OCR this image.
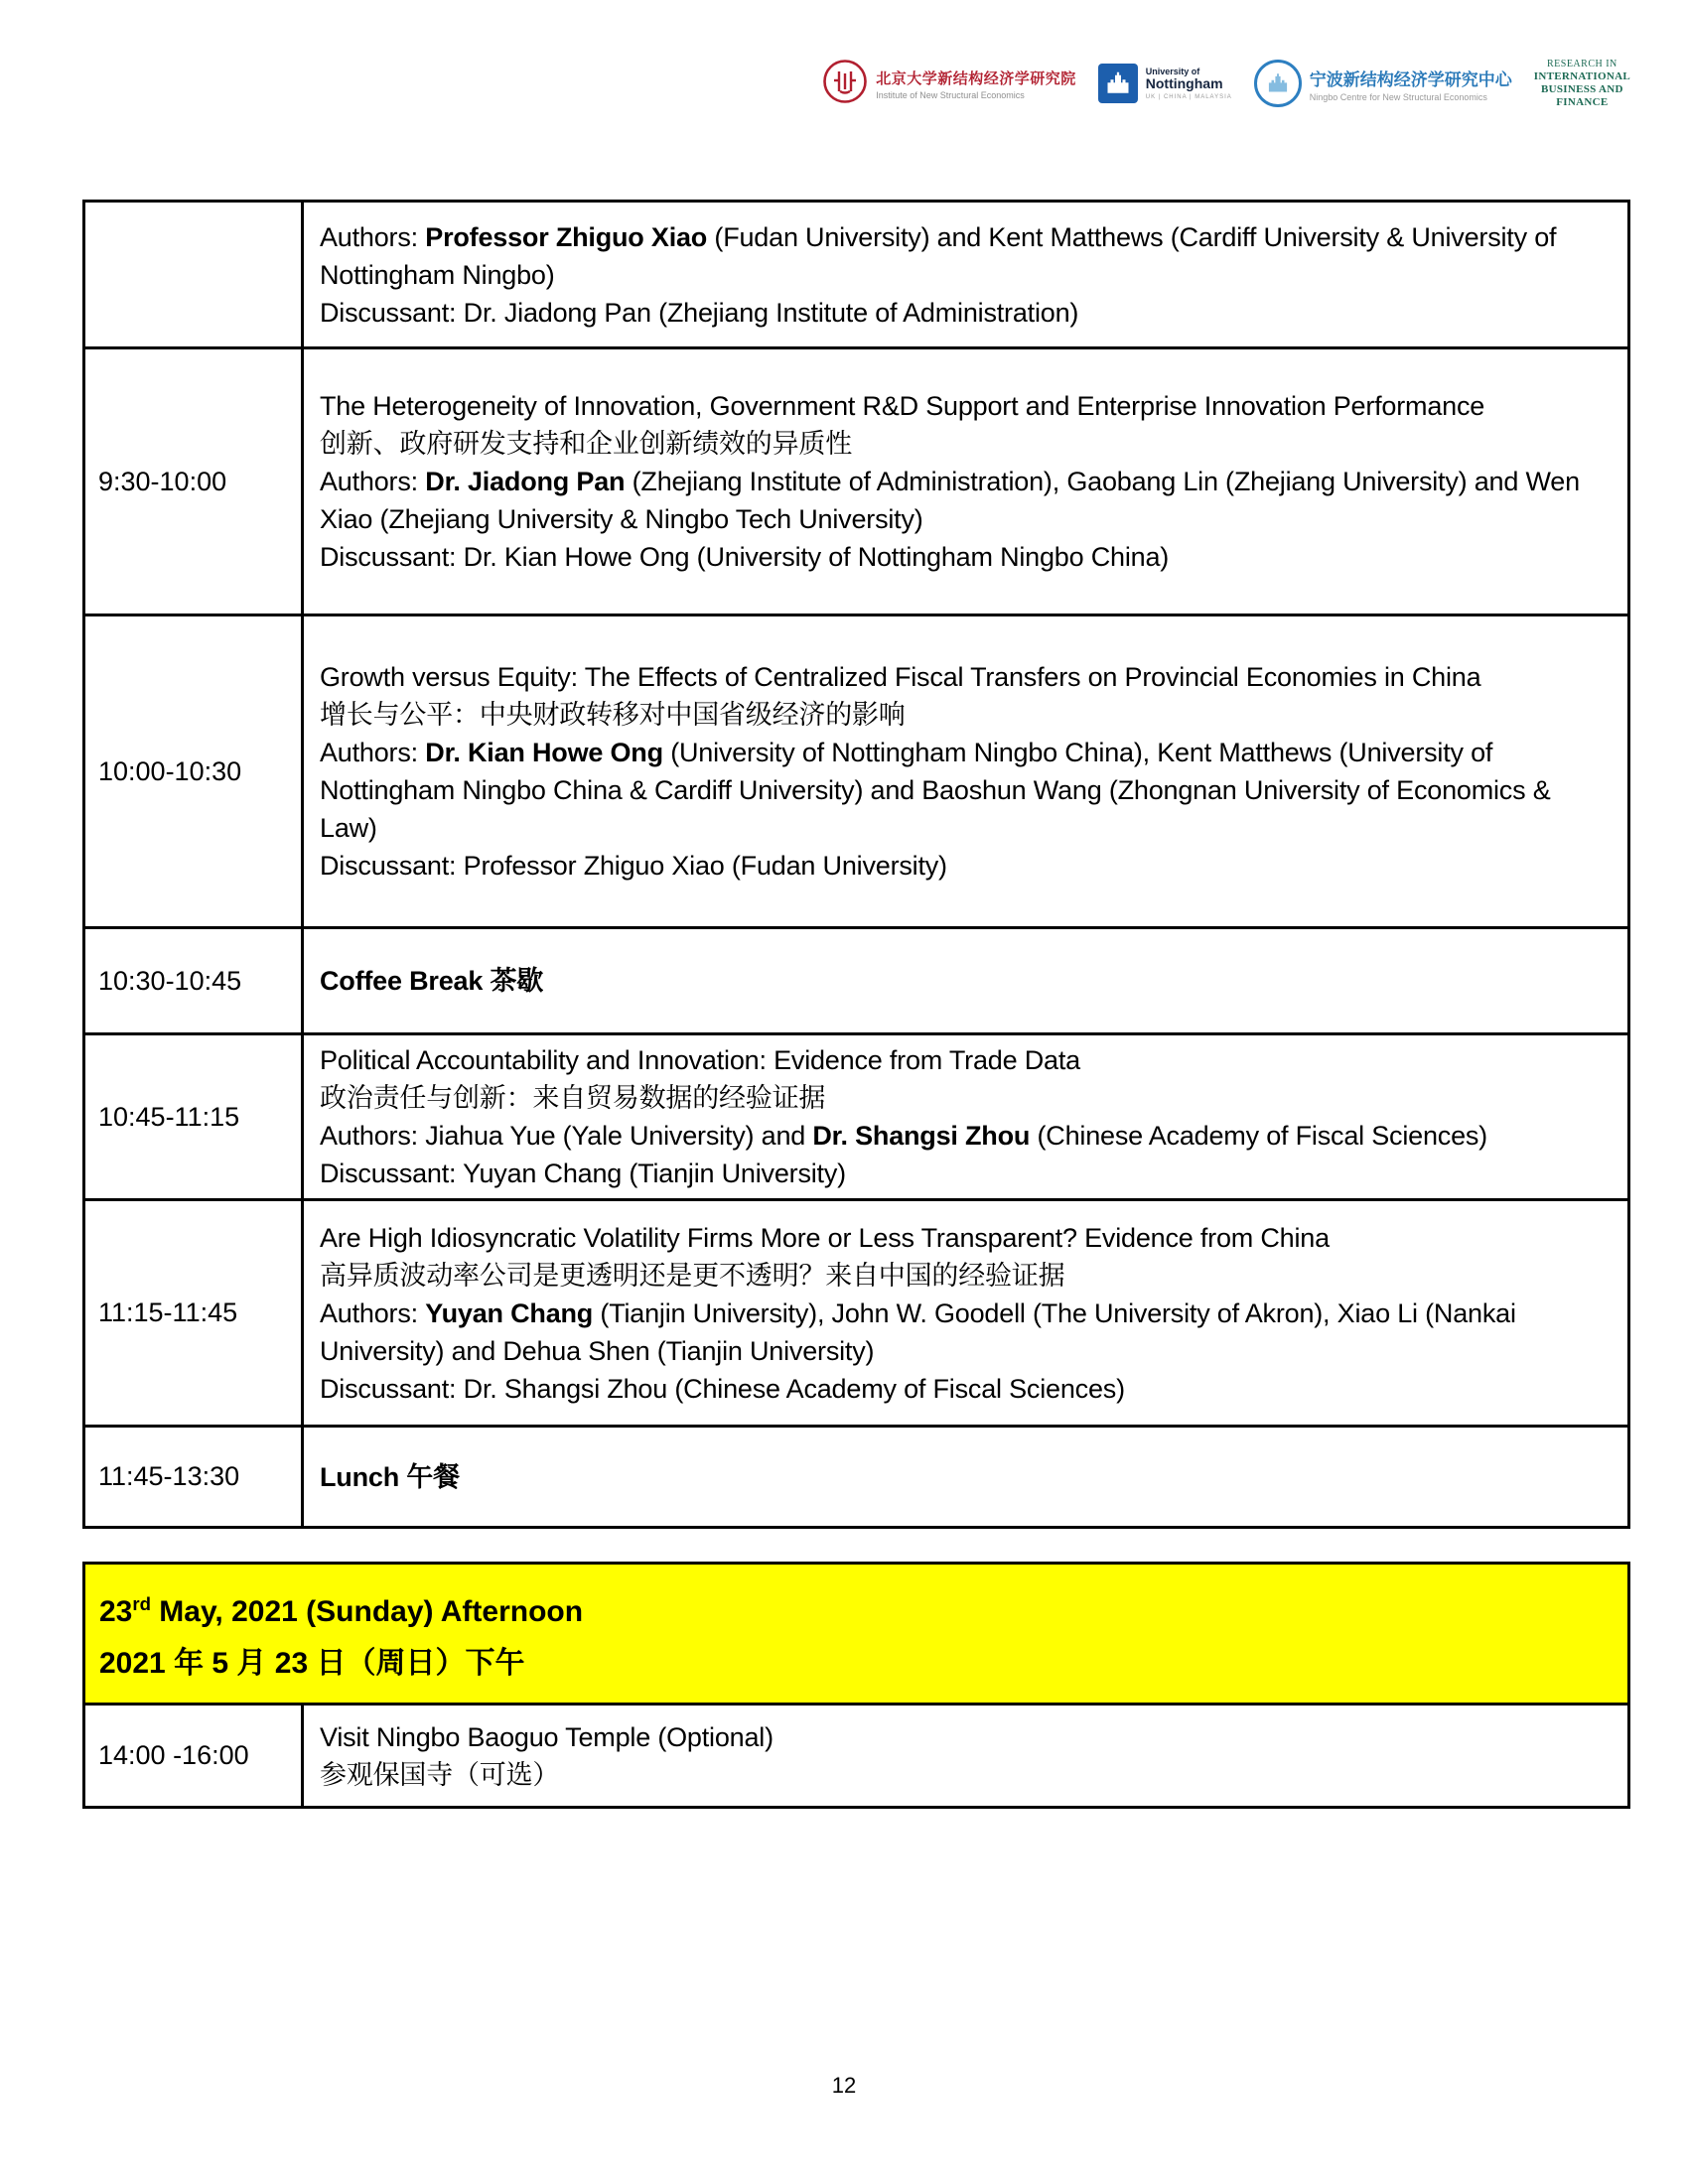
北京大学新结构经济学研究院
Institute of New Structural Economics
University of
Nottingham
UK | CHINA | MALAYSIA
宁波新结构经济学研究中心
Ningbo Centre for New Structural Economics
RESEARCH IN
INTERNATIONAL
BUSINESS AND
FINANCE
Authors: Professor Zhiguo Xiao (Fudan University) and Kent Matthews (Cardiff University & University of Nottingham Ningbo)
Discussant: Dr. Jiadong Pan (Zhejiang Institute of Administration)
9:30-10:00
The Heterogeneity of Innovation, Government R&D Support and Enterprise Innovation Performance
创新、政府研发支持和企业创新绩效的异质性
Authors: Dr. Jiadong Pan (Zhejiang Institute of Administration), Gaobang Lin (Zhejiang University) and Wen Xiao (Zhejiang University & Ningbo Tech University)
Discussant: Dr. Kian Howe Ong (University of Nottingham Ningbo China)
10:00-10:30
Growth versus Equity: The Effects of Centralized Fiscal Transfers on Provincial Economies in China
增长与公平：中央财政转移对中国省级经济的影响
Authors: Dr. Kian Howe Ong (University of Nottingham Ningbo China), Kent Matthews (University of Nottingham Ningbo China & Cardiff University) and Baoshun Wang (Zhongnan University of Economics & Law)
Discussant: Professor Zhiguo Xiao (Fudan University)
10:30-10:45	Coffee Break 茶歇
10:45-11:15
Political Accountability and Innovation: Evidence from Trade Data
政治责任与创新：来自贸易数据的经验证据
Authors: Jiahua Yue (Yale University) and Dr. Shangsi Zhou (Chinese Academy of Fiscal Sciences)
Discussant: Yuyan Chang (Tianjin University)
11:15-11:45
Are High Idiosyncratic Volatility Firms More or Less Transparent? Evidence from China
高异质波动率公司是更透明还是更不透明？来自中国的经验证据
Authors: Yuyan Chang (Tianjin University), John W. Goodell (The University of Akron), Xiao Li (Nankai University) and Dehua Shen (Tianjin University)
Discussant: Dr. Shangsi Zhou (Chinese Academy of Fiscal Sciences)
11:45-13:30	Lunch 午餐
23rd May, 2021 (Sunday) Afternoon
2021 年 5 月 23 日（周日）下午
14:00 -16:00
Visit Ningbo Baoguo Temple (Optional)
参观保国寺（可选）
12
